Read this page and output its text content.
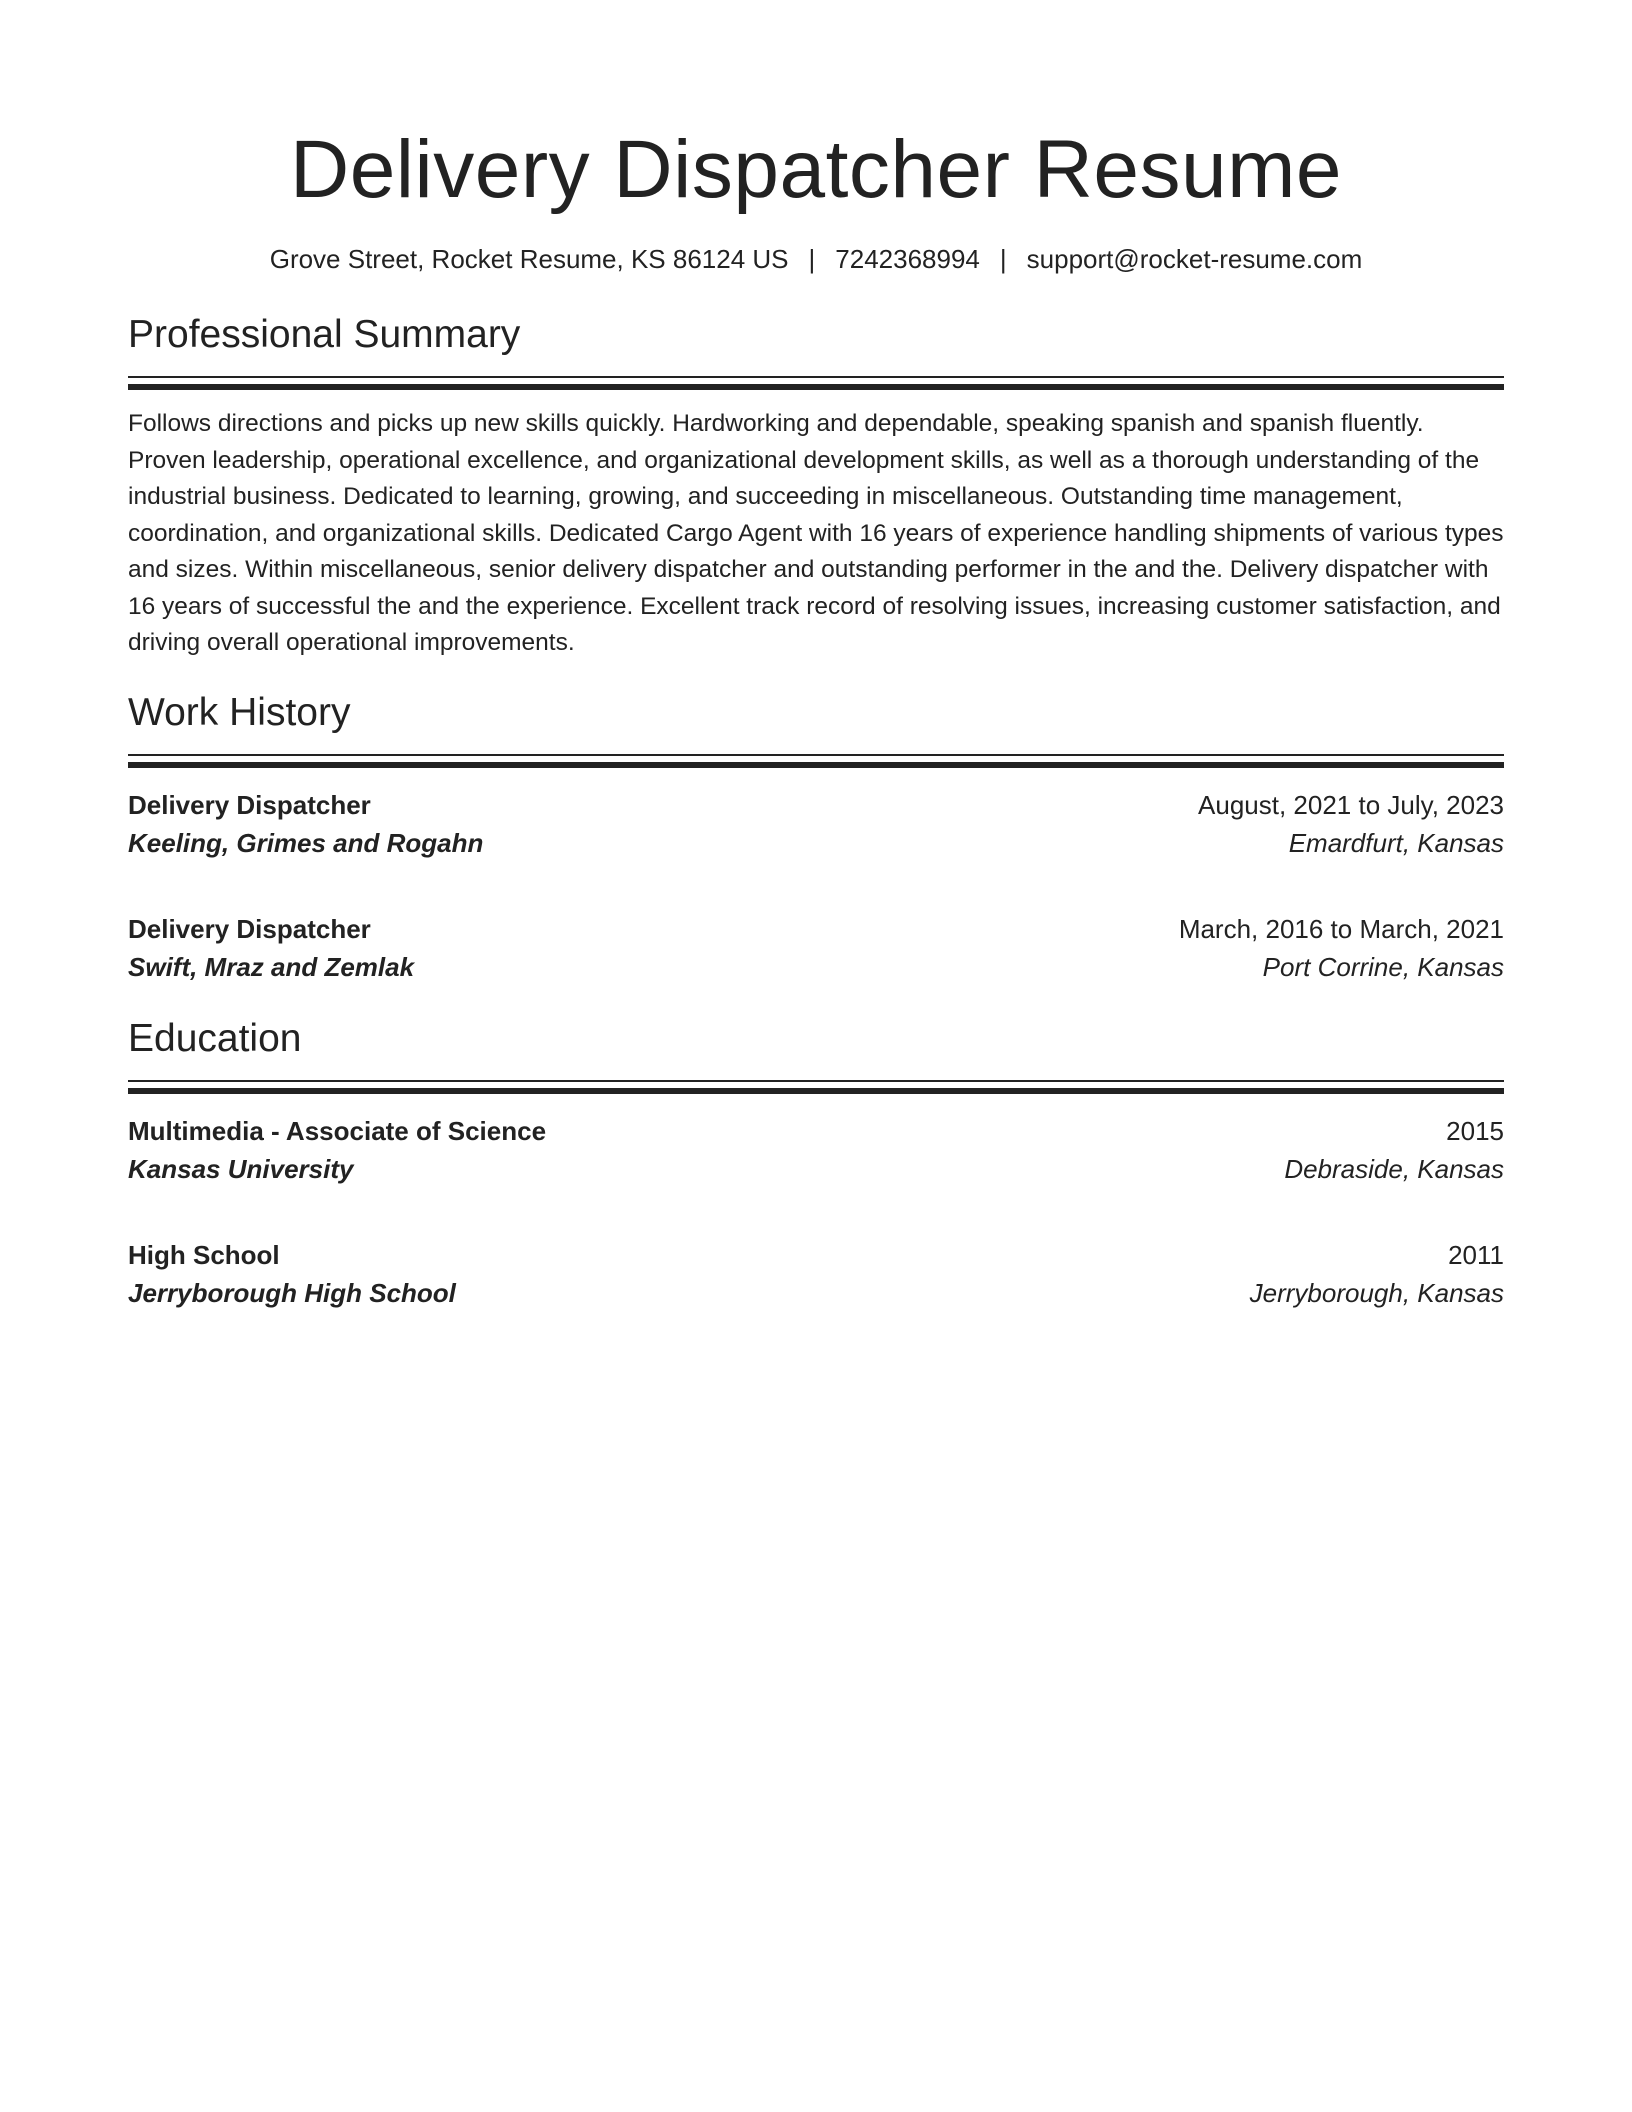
Delivery Dispatcher Resume
Grove Street, Rocket Resume, KS 86124 US | 7242368994 | support@rocket-resume.com
Professional Summary

Follows directions and picks up new skills quickly. Hardworking and dependable, speaking spanish and spanish fluently. Proven leadership, operational excellence, and organizational development skills, as well as a thorough understanding of the industrial business. Dedicated to learning, growing, and succeeding in miscellaneous. Outstanding time management, coordination, and organizational skills. Dedicated Cargo Agent with 16 years of experience handling shipments of various types and sizes. Within miscellaneous, senior delivery dispatcher and outstanding performer in the and the. Delivery dispatcher with 16 years of successful the and the experience. Excellent track record of resolving issues, increasing customer satisfaction, and driving overall operational improvements.

Work History
Delivery Dispatcher	August, 2021 to July, 2023
Keeling, Grimes and Rogahn	Emardfurt, Kansas
Delivery Dispatcher	March, 2016 to March, 2021
Swift, Mraz and Zemlak	Port Corrine, Kansas
Education
Multimedia - Associate of Science	2015
Kansas University	Debraside, Kansas
High School	2011
Jerryborough High School	Jerryborough, Kansas
